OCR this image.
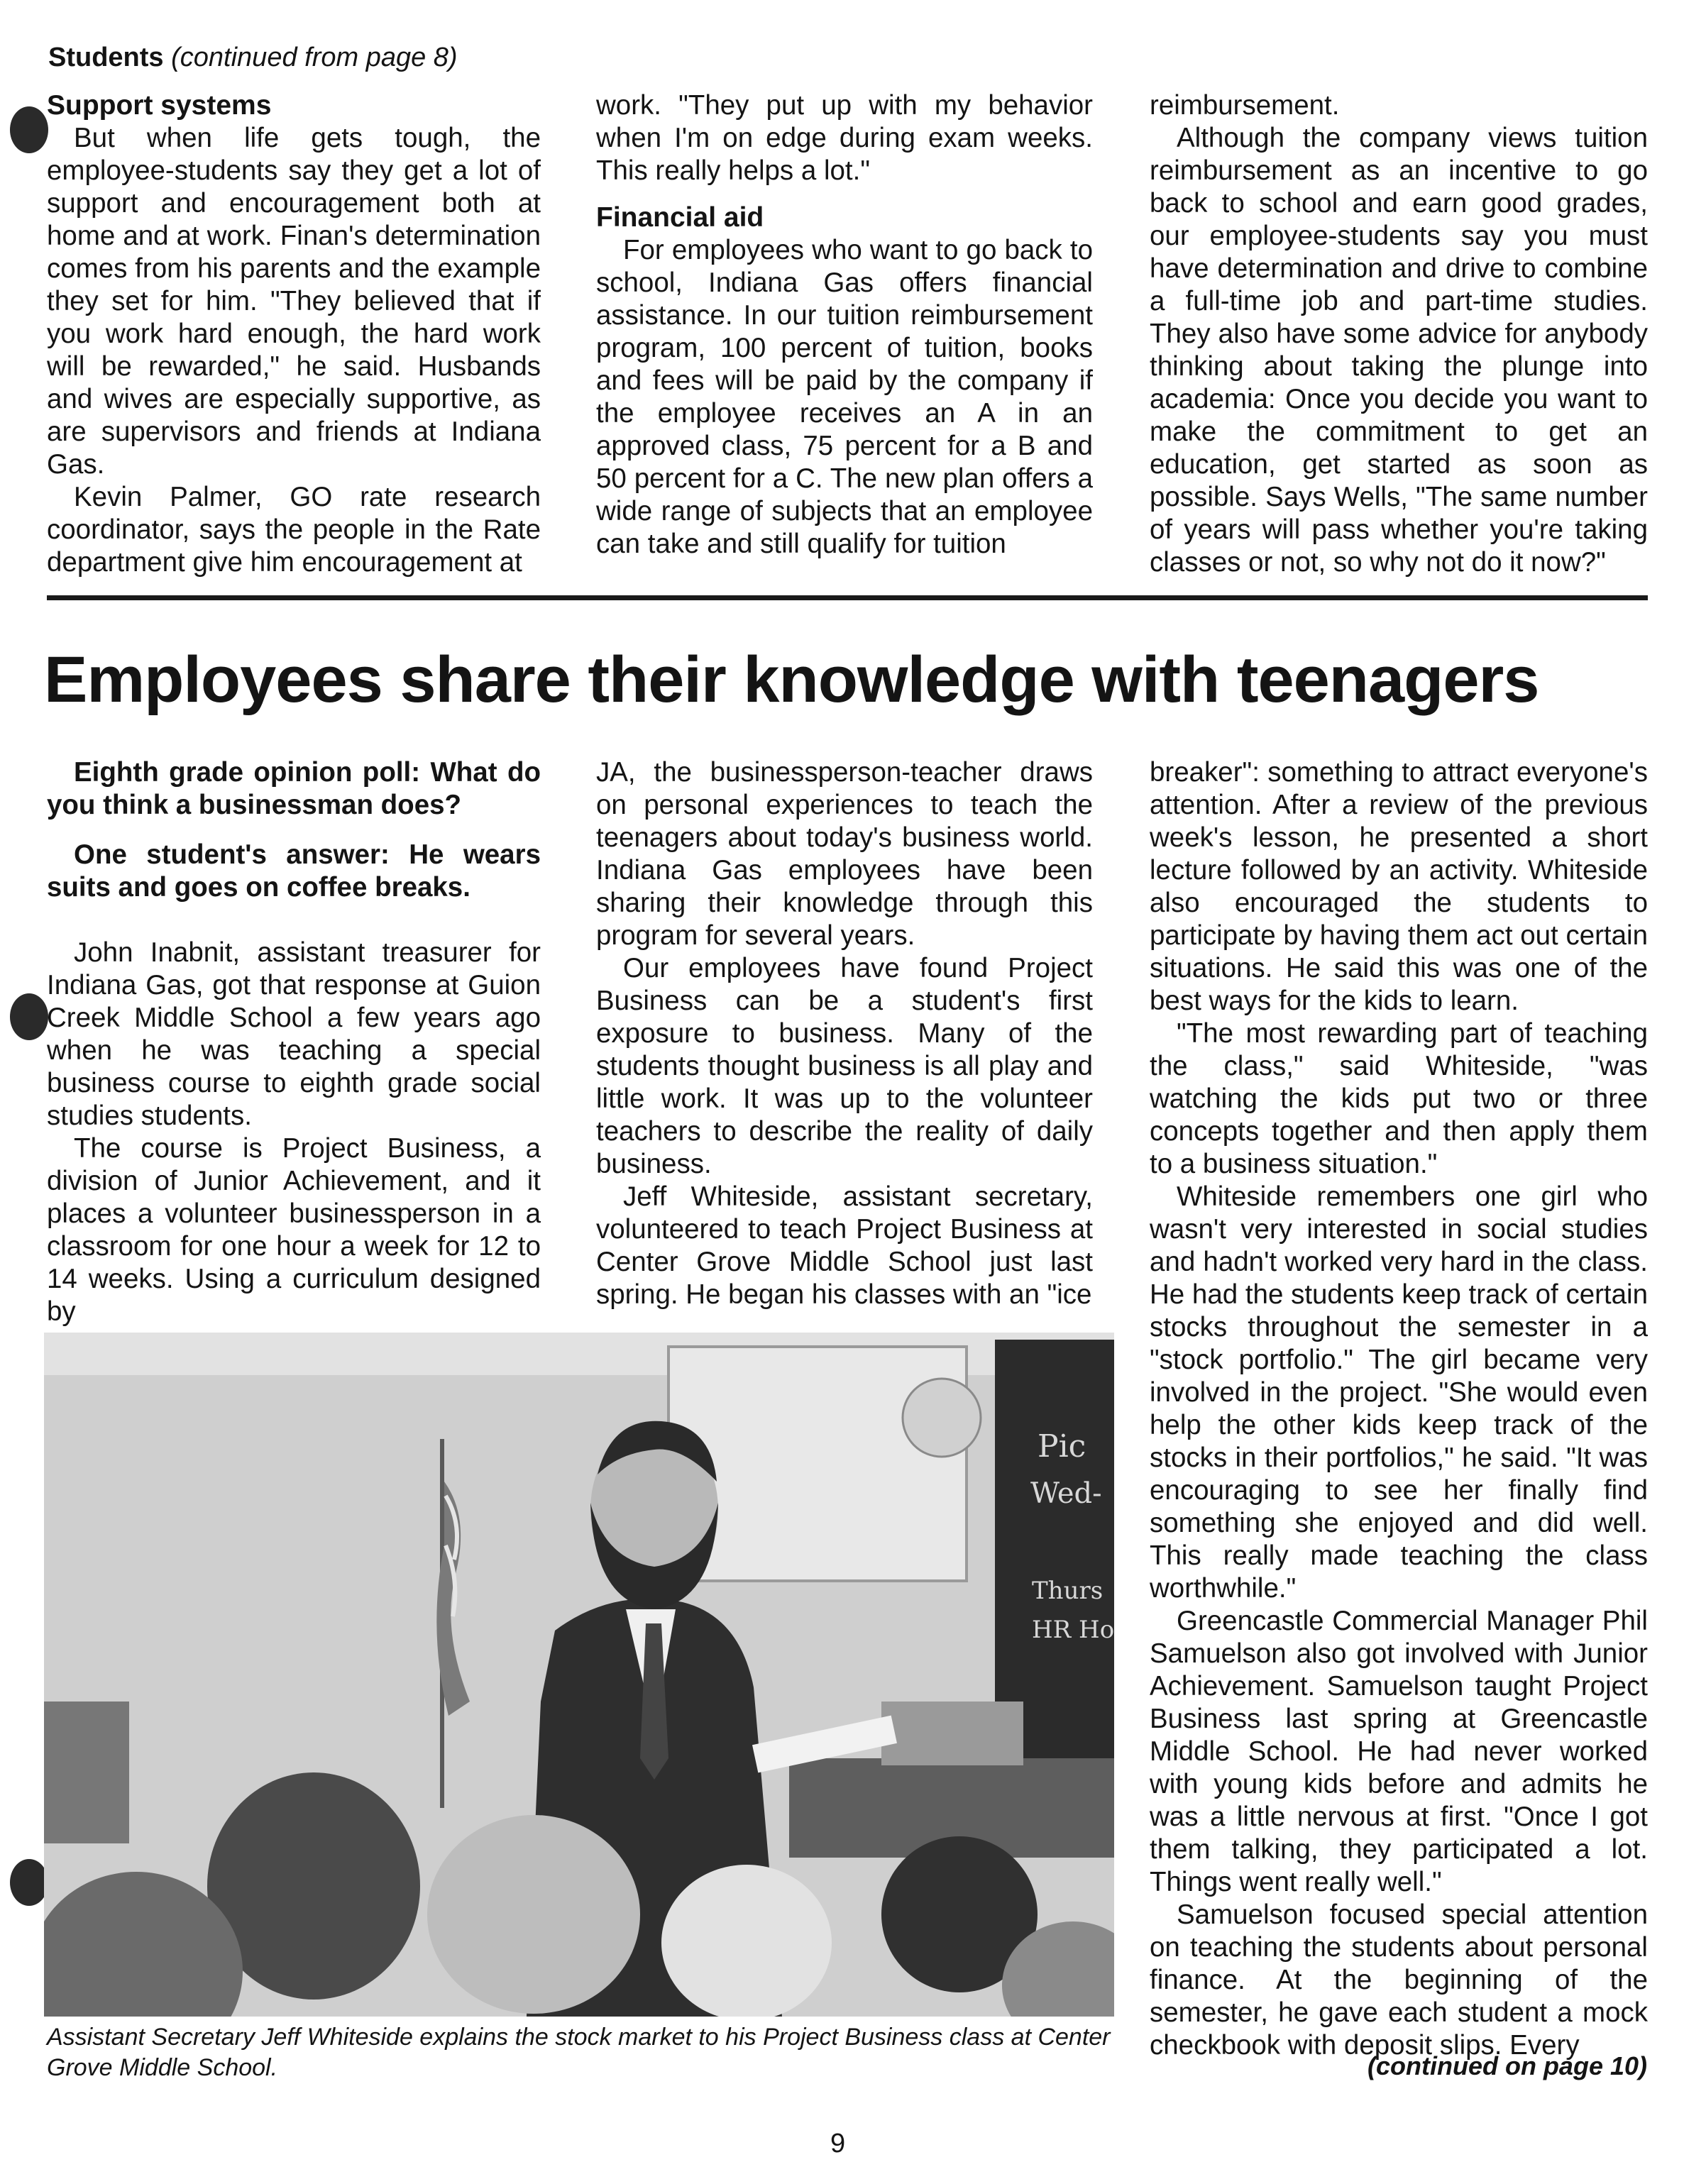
Students (continued from page 8)
Support systems

But when life gets tough, the employee-students say they get a lot of support and encouragement both at home and at work. Finan's determination comes from his parents and the example they set for him. "They believed that if you work hard enough, the hard work will be rewarded," he said. Husbands and wives are especially supportive, as are supervisors and friends at Indiana Gas.

Kevin Palmer, GO rate research coordinator, says the people in the Rate department give him encouragement at

work. "They put up with my behavior when I'm on edge during exam weeks. This really helps a lot."

Financial aid

For employees who want to go back to school, Indiana Gas offers financial assistance. In our tuition reimbursement program, 100 percent of tuition, books and fees will be paid by the company if the employee receives an A in an approved class, 75 percent for a B and 50 percent for a C. The new plan offers a wide range of subjects that an employee can take and still qualify for tuition

reimbursement.

Although the company views tuition reimbursement as an incentive to go back to school and earn good grades, our employee-students say you must have determination and drive to combine a full-time job and part-time studies. They also have some advice for anybody thinking about taking the plunge into academia: Once you decide you want to make the commitment to get an education, get started as soon as possible. Says Wells, "The same number of years will pass whether you're taking classes or not, so why not do it now?"

Employees share their knowledge with teenagers

Eighth grade opinion poll: What do you think a businessman does?

One student's answer: He wears suits and goes on coffee breaks.

John Inabnit, assistant treasurer for Indiana Gas, got that response at Guion Creek Middle School a few years ago when he was teaching a special business course to eighth grade social studies students.

The course is Project Business, a division of Junior Achievement, and it places a volunteer businessperson in a classroom for one hour a week for 12 to 14 weeks. Using a curriculum designed by

JA, the businessperson-teacher draws on personal experiences to teach the teenagers about today's business world. Indiana Gas employees have been sharing their knowledge through this program for several years.

Our employees have found Project Business can be a student's first exposure to business. Many of the students thought business is all play and little work. It was up to the volunteer teachers to describe the reality of daily business.

Jeff Whiteside, assistant secretary, volunteered to teach Project Business at Center Grove Middle School just last spring. He began his classes with an "ice

breaker": something to attract everyone's attention. After a review of the previous week's lesson, he presented a short lecture followed by an activity. Whiteside also encouraged the students to participate by having them act out certain situations. He said this was one of the best ways for the kids to learn.

"The most rewarding part of teaching the class," said Whiteside, "was watching the kids put two or three concepts together and then apply them to a business situation."

Whiteside remembers one girl who wasn't very interested in social studies and hadn't worked very hard in the class. He had the students keep track of certain stocks throughout the semester in a "stock portfolio." The girl became very involved in the project. "She would even help the other kids keep track of the stocks in their portfolios," he said. "It was encouraging to see her finally find something she enjoyed and did well. This really made teaching the class worthwhile."

Greencastle Commercial Manager Phil Samuelson also got involved with Junior Achievement. Samuelson taught Project Business last spring at Greencastle Middle School. He had never worked with young kids before and admits he was a little nervous at first. "Once I got them talking, they participated a lot. Things went really well."

Samuelson focused special attention on teaching the students about personal finance. At the beginning of the semester, he gave each student a mock checkbook with deposit slips. Every

(continued on page 10)
Pic
Wed-
Thurs
HR Ho
Assistant Secretary Jeff Whiteside explains the stock market to his Project Business class at Center Grove Middle School.
9
